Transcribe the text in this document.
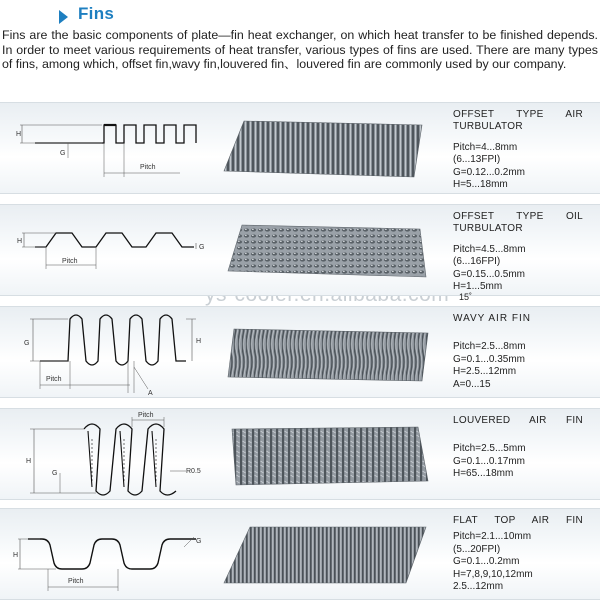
Fins
Fins are the basic components of plate—fin heat exchanger, on which heat transfer to be finished depends. In order to meet various requirements of heat transfer, various types of fins are used. There are many types of fins, among which, offset fin,wavy fin,louvered fin、louvered fin are commonly used by our company.
H
G
Pitch
OFFSET TYPE AIR
TURBULATOR
Pitch=4...8mm
(6...13FPI)
G=0.12...0.2mm
H=5...18mm
H
G
Pitch
OFFSET TYPE OIL
TURBULATOR
Pitch=4.5...8mm
(6...16FPI)
G=0.15...0.5mm
H=1...5mm
15˚
G	H
Pitch
A
WAVY AIR FIN
Pitch=2.5...8mm
G=0.1...0.35mm
H=2.5...12mm
A=0...15
H
G
Pitch
R0.5
LOUVERED AIR FIN
Pitch=2.5...5mm
G=0.1...0.17mm
H=65...18mm
H
G
Pitch
FLAT TOP AIR FIN
Pitch=2.1...10mm
(5...20FPI)
G=0.1...0.2mm
H=7,8,9,10,12mm
2.5...12mm
